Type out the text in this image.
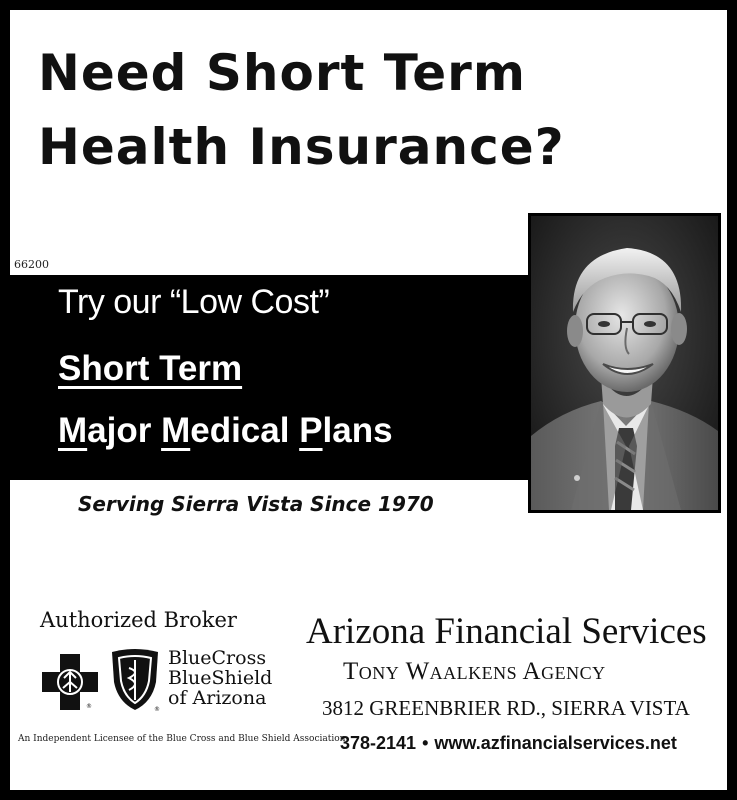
Need Short Term
Health Insurance?
66200
Try our “Low Cost”
Short Term
Major Medical Plans
Serving Sierra Vista Since 1970
Authorized Broker
®	®
BlueCross
BlueShield
of Arizona
An Independent Licensee of the Blue Cross and Blue Shield Association
Arizona Financial Services
Tony Waalkens Agency
3812 GREENBRIER RD., SIERRA VISTA
378-2141 • www.azfinancialservices.net
